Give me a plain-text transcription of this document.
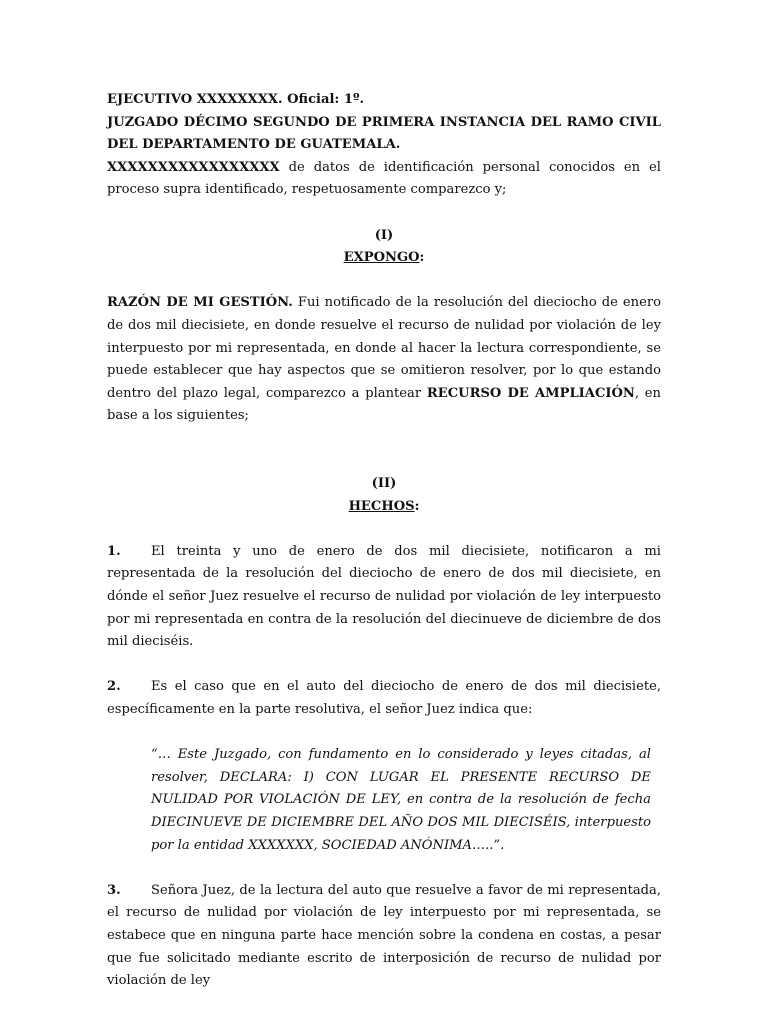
EJECUTIVO XXXXXXXX. Oficial: 1º.

JUZGADO DÉCIMO SEGUNDO DE PRIMERA INSTANCIA DEL RAMO CIVIL DEL DEPARTAMENTO DE GUATEMALA.

XXXXXXXXXXXXXXXXX de datos de identificación personal conocidos en el proceso supra identificado, respetuosamente comparezco y;

(I)

EXPONGO:

RAZÓN DE MI GESTIÓN. Fui notificado de la resolución del dieciocho de enero de dos mil diecisiete, en donde resuelve el recurso de nulidad por violación de ley interpuesto por mi representada, en donde al hacer la lectura correspondiente, se puede establecer que hay aspectos que se omitieron resolver, por lo que estando dentro del plazo legal, comparezco a plantear RECURSO DE AMPLIACIÓN, en base a los siguientes;

(II)

HECHOS:

1. El treinta y uno de enero de dos mil diecisiete, notificaron a mi representada de la resolución del dieciocho de enero de dos mil diecisiete, en dónde el señor Juez resuelve el recurso de nulidad por violación de ley interpuesto por mi representada en contra de la resolución del diecinueve de diciembre de dos mil dieciséis.

2. Es el caso que en el auto del dieciocho de enero de dos mil diecisiete, específicamente en la parte resolutiva, el señor Juez indica que:

“… Este Juzgado, con fundamento en lo considerado y leyes citadas, al resolver, DECLARA: I) CON LUGAR EL PRESENTE RECURSO DE NULIDAD POR VIOLACIÓN DE LEY, en contra de la resolución de fecha DIECINUEVE DE DICIEMBRE DEL AÑO DOS MIL DIECISÉIS, interpuesto por la entidad XXXXXXX, SOCIEDAD ANÓNIMA…..”.

3. Señora Juez, de la lectura del auto que resuelve a favor de mi representada, el recurso de nulidad por violación de ley interpuesto por mi representada, se estabece que en ninguna parte hace mención sobre la condena en costas, a pesar que fue solicitado mediante escrito de interposición de recurso de nulidad por violación de ley
